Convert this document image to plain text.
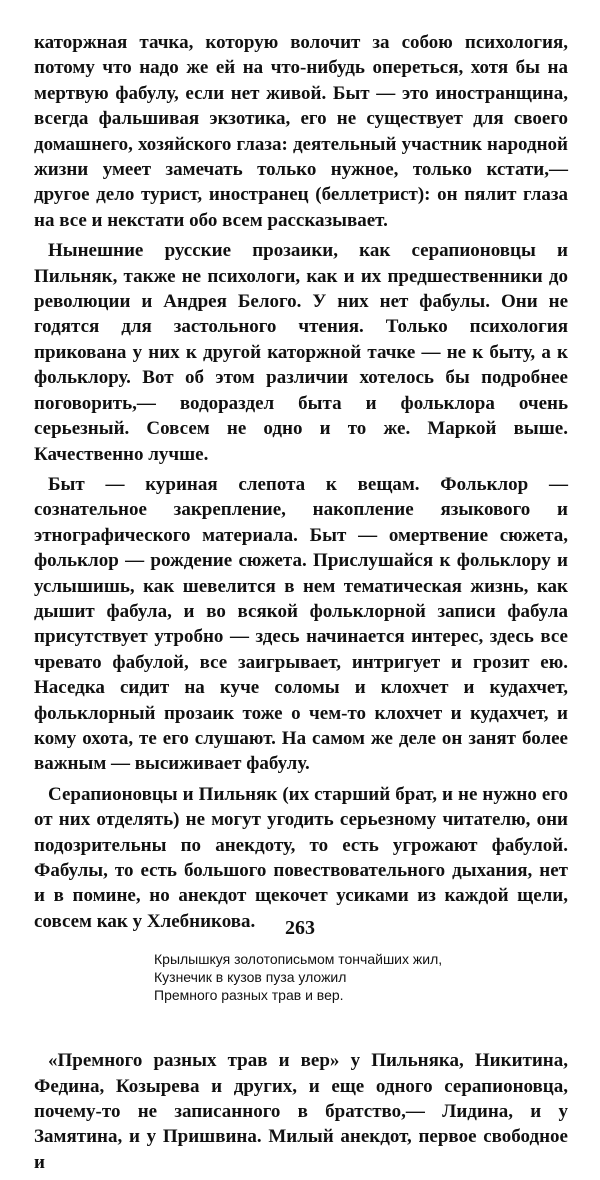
каторжная тачка, которую волочит за собою психология, потому что надо же ей на что-нибудь опереться, хотя бы на мертвую фабулу, если нет живой. Быт — это иностранщина, всегда фальшивая экзотика, его не существует для своего домашнего, хозяйского глаза: деятельный участник народной жизни умеет замечать только нужное, только кстати,— другое дело турист, иностранец (беллетрист): он пялит глаза на все и некстати обо всем рассказывает.

Нынешние русские прозаики, как серапионовцы и Пильняк, также не психологи, как и их предшественники до революции и Андрея Белого. У них нет фабулы. Они не годятся для застольного чтения. Только психология прикована у них к другой каторжной тачке — не к быту, а к фольклору. Вот об этом различии хотелось бы подробнее поговорить,— водораздел быта и фольклора очень серьезный. Совсем не одно и то же. Маркой выше. Качественно лучше.

Быт — куриная слепота к вещам. Фольклор — сознательное закрепление, накопление языкового и этнографического материала. Быт — омертвение сюжета, фольклор — рождение сюжета. Прислушайся к фольклору и услышишь, как шевелится в нем тематическая жизнь, как дышит фабула, и во всякой фольклорной записи фабула присутствует утробно — здесь начинается интерес, здесь все чревато фабулой, все заигрывает, интригует и грозит ею. Наседка сидит на куче соломы и клохчет и кудахчет, фольклорный прозаик тоже о чем-то клохчет и кудахчет, и кому охота, те его слушают. На самом же деле он занят более важным — высиживает фабулу.

Серапионовцы и Пильняк (их старший брат, и не нужно его от них отделять) не могут угодить серьезному читателю, они подозрительны по анекдоту, то есть угрожают фабулой. Фабулы, то есть большого повествовательного дыхания, нет и в помине, но анекдот щекочет усиками из каждой щели, совсем как у Хлебникова.

Крылышкуя золотописьмом тончайших жил,
Кузнечик в кузов пуза уложил
Премного разных трав и вер.

«Премного разных трав и вер» у Пильняка, Никитина, Федина, Козырева и других, и еще одного серапионовца, почему-то не записанного в братство,— Лидина, и у Замятина, и у Пришвина. Милый анекдот, первое свободное и

263
